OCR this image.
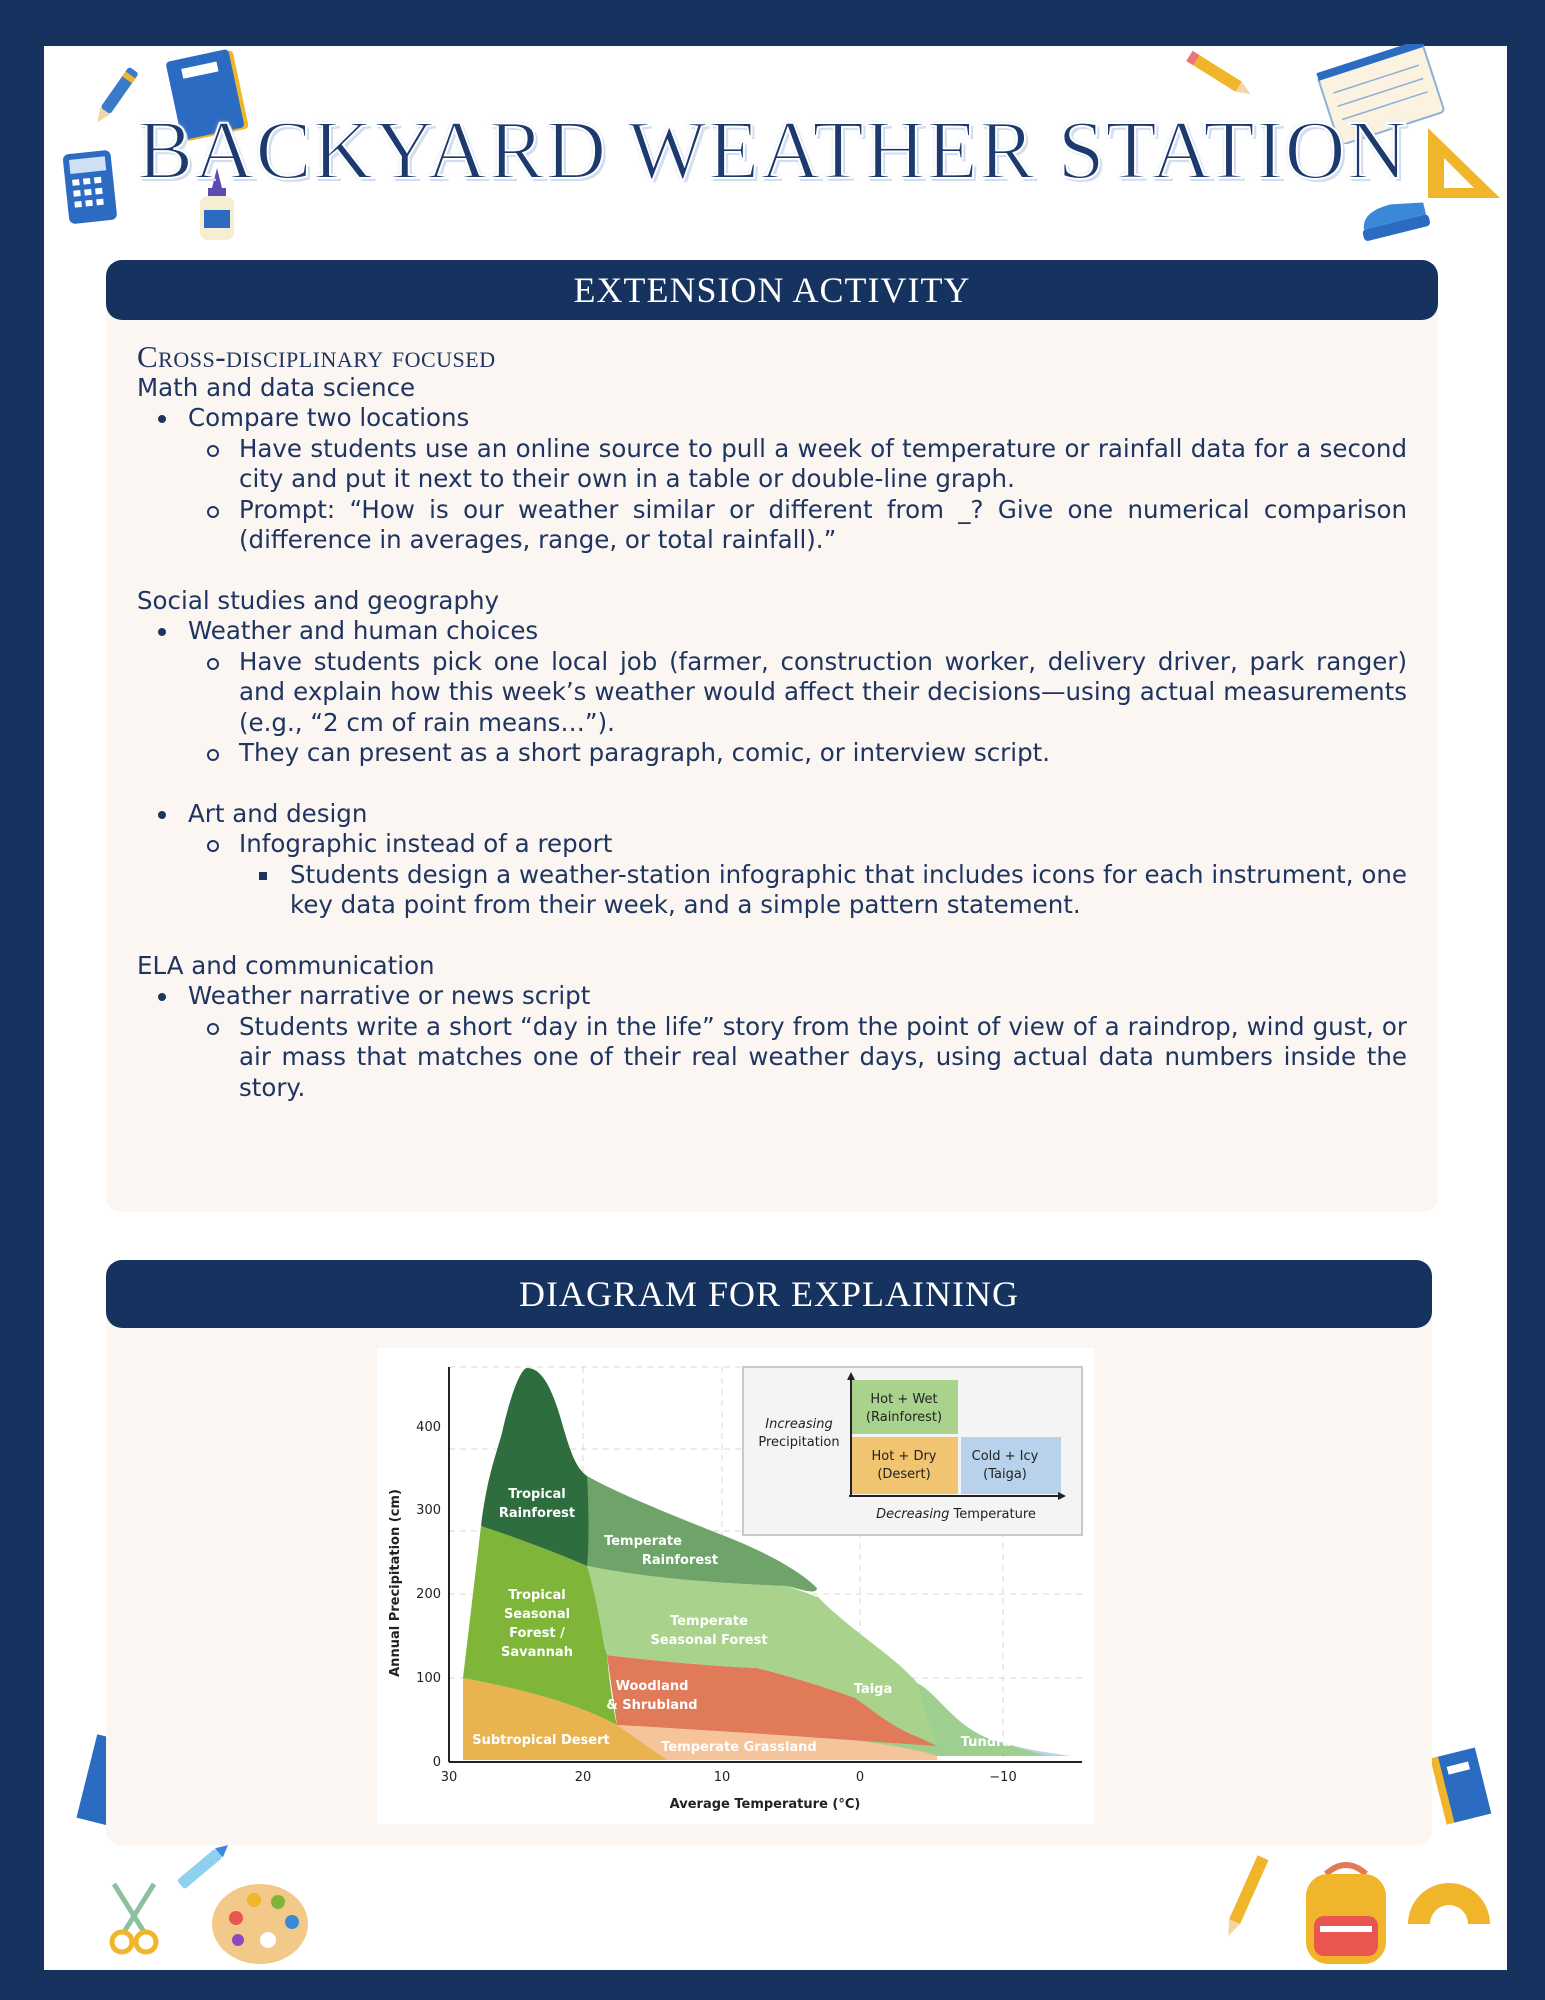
BACKYARD WEATHER STATION
EXTENSION ACTIVITY

Cross-disciplinary focused

Math and data science

Compare two locations
Have students use an online source to pull a week of temperature or rainfall data for a second city and put it next to their own in a table or double-line graph.
Prompt: “How is our weather similar or different from _? Give one numerical comparison (difference in averages, range, or total rainfall).”

Social studies and geography

Weather and human choices
Have students pick one local job (farmer, construction worker, delivery driver, park ranger) and explain how this week’s weather would affect their decisions—using actual measurements (e.g., “2 cm of rain means…”).
They can present as a short paragraph, comic, or interview script.
Art and design
Infographic instead of a report
Students design a weather-station infographic that includes icons for each instrument, one key data point from their week, and a simple pattern statement.

ELA and communication

Weather narrative or news script
Students write a short “day in the life” story from the point of view of a raindrop, wind gust, or air mass that matches one of their real weather days, using actual data numbers inside the story.
DIAGRAM FOR EXPLAINING
Tropical
Rainforest
Temperate
Rainforest
Tropical
Seasonal
Forest /
Savannah
Temperate
Seasonal Forest
Woodland
& Shrubland
Taiga
Subtropical Desert	Temperate Grassland	Tundra
0
100
200
300
400
30	20	10	0	−10
Average Temperature (°C)
Annual Precipitation (cm)
Hot + Wet
(Rainforest)
Hot + Dry
(Desert)
Cold + Icy
(Taiga)
Increasing
Precipitation
Decreasing Temperature
